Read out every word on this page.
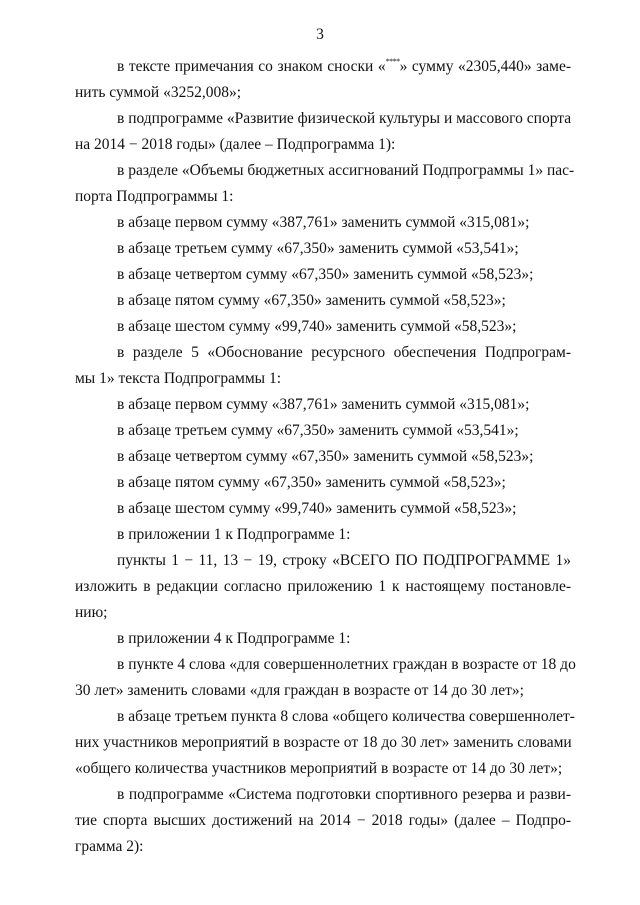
3
в тексте примечания со знаком сноски «****» сумму «2305,440» заме-
нить суммой «3252,008»;
в подпрограмме «Развитие физической культуры и массового спорта
на 2014 − 2018 годы» (далее – Подпрограмма 1):
в разделе «Объемы бюджетных ассигнований Подпрограммы 1» пас-
порта Подпрограммы 1:
в абзаце первом сумму «387,761» заменить суммой «315,081»;
в абзаце третьем сумму «67,350» заменить суммой «53,541»;
в абзаце четвертом сумму «67,350» заменить суммой «58,523»;
в абзаце пятом сумму «67,350» заменить суммой «58,523»;
в абзаце шестом сумму «99,740» заменить суммой «58,523»;
в разделе 5 «Обоснование ресурсного обеспечения Подпрограм-
мы 1» текста Подпрограммы 1:
в абзаце первом сумму «387,761» заменить суммой «315,081»;
в абзаце третьем сумму «67,350» заменить суммой «53,541»;
в абзаце четвертом сумму «67,350» заменить суммой «58,523»;
в абзаце пятом сумму «67,350» заменить суммой «58,523»;
в абзаце шестом сумму «99,740» заменить суммой «58,523»;
в приложении 1 к Подпрограмме 1:
пункты 1 − 11, 13 − 19, строку «ВСЕГО ПО ПОДПРОГРАММЕ 1»
изложить в редакции согласно приложению 1 к настоящему постановле-
нию;
в приложении 4 к Подпрограмме 1:
в пункте 4 слова «для совершеннолетних граждан в возрасте от 18 до
30 лет» заменить словами «для граждан в возрасте от 14 до 30 лет»;
в абзаце третьем пункта 8 слова «общего количества совершеннолет-
них участников мероприятий в возрасте от 18 до 30 лет» заменить словами
«общего количества участников мероприятий в возрасте от 14 до 30 лет»;
в подпрограмме «Система подготовки спортивного резерва и разви-
тие спорта высших достижений на 2014 − 2018 годы» (далее – Подпро-
грамма 2):
